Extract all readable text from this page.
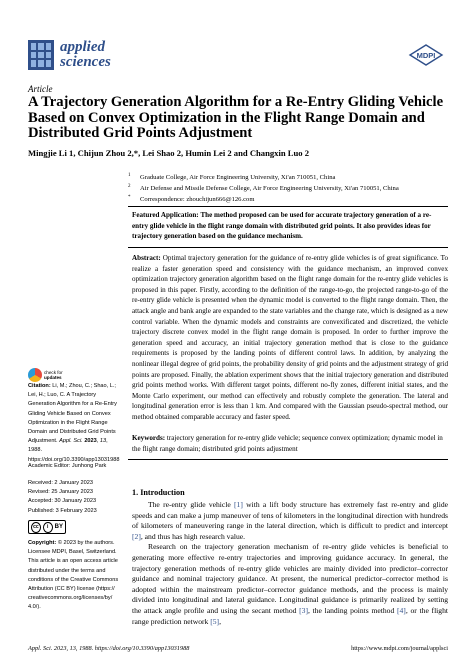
applied
sciences	MDPI
Article
A Trajectory Generation Algorithm for a Re-Entry Gliding Vehicle Based on Convex Optimization in the Flight Range Domain and Distributed Grid Points Adjustment
Mingjie Li 1, Chijun Zhou 2,*, Lei Shao 2, Humin Lei 2 and Changxin Luo 2
1 Graduate College, Air Force Engineering University, Xi'an 710051, China
2 Air Defense and Missile Defense College, Air Force Engineering University, Xi'an 710051, China
* Correspondence: zhouchijun666@126.com
Featured Application: The method proposed can be used for accurate trajectory generation of a re-entry glide vehicle in the flight range domain with distributed grid points. It also provides ideas for trajectory generation based on the guidance mechanism.
Abstract: Optimal trajectory generation for the guidance of re-entry glide vehicles is of great significance. To realize a faster generation speed and consistency with the guidance mechanism, an improved convex optimization trajectory generation algorithm based on the flight range domain for the re-entry glide vehicles is proposed in this paper. Firstly, according to the definition of the range-to-go, the projected range-to-go of the re-entry glide vehicle is presented when the dynamic model is converted to the flight range domain. Then, the attack angle and bank angle are expanded to the state variables and the change rate, which is designed as a new control variable. When the dynamic models and constraints are convexificated and discretized, the vehicle trajectory discrete convex model in the flight range domain is proposed. In order to further improve the generation speed and accuracy, an initial trajectory generation method that is close to the guidance requirements is proposed by the landing points of different control laws. In addition, by analyzing the nonlinear illegal degree of grid points, the probability density of grid points and the adjustment strategy of grid points are proposed. Finally, the ablation experiment shows that the initial trajectory generation and distributed grid points method works. With different target points, different no-fly zones, different initial states, and the Monte Carlo experiment, our method can effectively and robustly complete the generation. The lateral and longitudinal generation error is less than 1 km. And compared with the Gaussian pseudo-spectral method, our method obtained comparable accuracy and faster speed.
Keywords: trajectory generation for re-entry glide vehicle; sequence convex optimization; dynamic model in the flight range domain; distributed grid points adjustment
1. Introduction

The re-entry glide vehicle [1] with a lift body structure has extremely fast re-entry and glide speeds and can make a jump maneuver of tens of kilometers in the longitudinal direction with hundreds of kilometers of maneuvering range in the lateral direction, which is difficult to predict and intercept [2], and thus has high research value.

Research on the trajectory generation mechanism of re-entry glide vehicles is beneficial to generating more effective re-entry trajectories and improving guidance accuracy. In general, the trajectory generation methods of re-entry glide vehicles are mainly divided into predictor–corrector guidance and nominal trajectory guidance. At present, the numerical predictor–corrector method is adopted within the mainstream predictor–corrector guidance methods, and the process is mainly divided into longitudinal and lateral guidance. Longitudinal guidance is primarily realized by setting the attack angle profile and using the secant method [3], the landing points method [4], or the flight range prediction network [5],

check for
updates
Citation: Li, M.; Zhou, C.; Shao, L.; Lei, H.; Luo, C. A Trajectory Generation Algorithm for a Re-Entry Gliding Vehicle Based on Convex Optimization in the Flight Range Domain and Distributed Grid Points Adjustment. Appl. Sci. 2023, 13, 1988. https://doi.org/10.3390/app13031988
Academic Editor: Junhong Park
Received: 2 January 2023
Revised: 25 January 2023
Accepted: 30 January 2023
Published: 3 February 2023
cc	i	BY
Copyright: © 2023 by the authors. Licensee MDPI, Basel, Switzerland. This article is an open access article distributed under the terms and conditions of the Creative Commons Attribution (CC BY) license (https:// creativecommons.org/licenses/by/ 4.0/).
Appl. Sci. 2023, 13, 1988. https://doi.org/10.3390/app13031988	https://www.mdpi.com/journal/applsci
